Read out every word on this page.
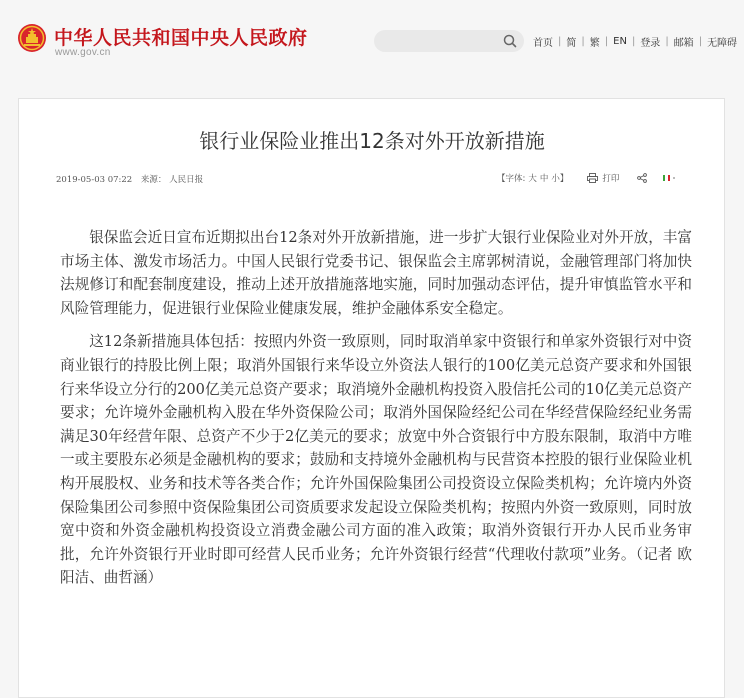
中华人民共和国中央人民政府
www.gov.cn
首页 | 简 | 繁 | EN | 登录 | 邮箱 | 无障碍
银行业保险业推出12条对外开放新措施
2019-05-03 07:22 来源： 人民日报	【字体: 大 中 小】	打印

银保监会近日宣布近期拟出台12条对外开放新措施，进一步扩大银行业保险业对外开放，丰富市场主体、激发市场活力。中国人民银行党委书记、银保监会主席郭树清说，金融管理部门将加快法规修订和配套制度建设，推动上述开放措施落地实施，同时加强动态评估，提升审慎监管水平和风险管理能力，促进银行业保险业健康发展，维护金融体系安全稳定。

这12条新措施具体包括：按照内外资一致原则，同时取消单家中资银行和单家外资银行对中资商业银行的持股比例上限；取消外国银行来华设立外资法人银行的100亿美元总资产要求和外国银行来华设立分行的200亿美元总资产要求；取消境外金融机构投资入股信托公司的10亿美元总资产要求；允许境外金融机构入股在华外资保险公司；取消外国保险经纪公司在华经营保险经纪业务需满足30年经营年限、总资产不少于2亿美元的要求；放宽中外合资银行中方股东限制，取消中方唯一或主要股东必须是金融机构的要求；鼓励和支持境外金融机构与民营资本控股的银行业保险业机构开展股权、业务和技术等各类合作；允许外国保险集团公司投资设立保险类机构；允许境内外资保险集团公司参照中资保险集团公司资质要求发起设立保险类机构；按照内外资一致原则，同时放宽中资和外资金融机构投资设立消费金融公司方面的准入政策；取消外资银行开办人民币业务审批，允许外资银行开业时即可经营人民币业务；允许外资银行经营“代理收付款项”业务。（记者 欧阳洁、曲哲涵）
